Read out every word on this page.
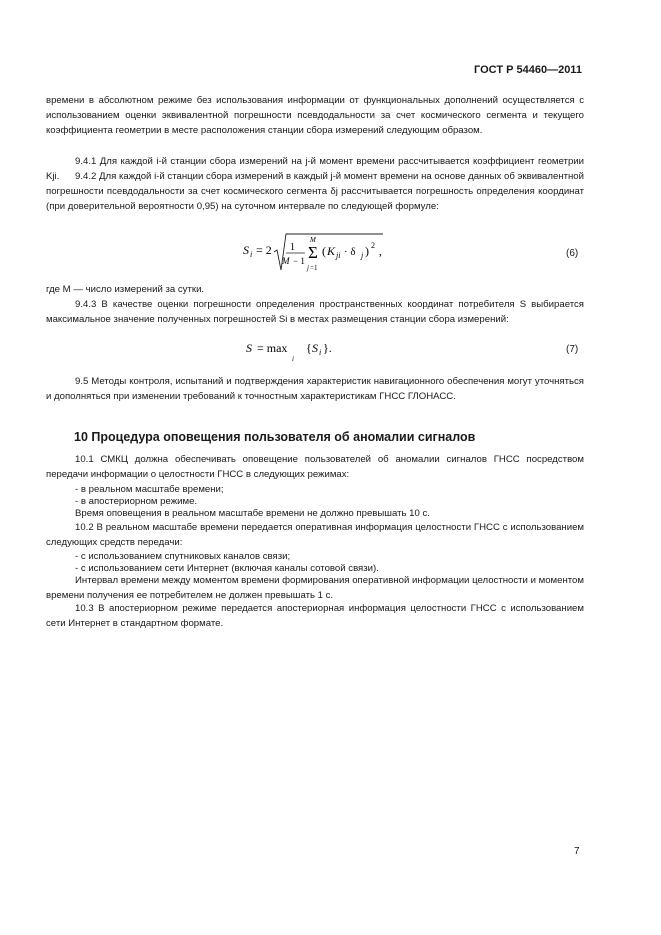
ГОСТ Р 54460—2011
времени в абсолютном режиме без использования информации от функциональных дополнений осуществляется с использованием оценки эквивалентной погрешности псевдодальности за счет космического сегмента и текущего коэффициента геометрии в месте расположения станции сбора измерений следующим образом.
9.4.1 Для каждой i-й станции сбора измерений на j-й момент времени рассчитывается коэффициент геометрии Kji.	9.4.2 Для каждой i-й станции сбора измерений в каждый j-й момент времени на основе данных об эквивалентной погрешности псевдодальности за счет космического сегмента δj рассчитывается погрешность определения координат (при доверительной вероятности 0,95) на суточном интервале по следующей формуле:
S i = 2 1
M − 1
M
Σ
j =1
( K ji · δ j ) 2 ,	(6)
где M — число измерений за сутки.
9.4.3 В качестве оценки погрешности определения пространственных координат потребителя S выбирается максимальное значение полученных погрешностей Si в местах размещения станции сбора измерений:
S = max
i
{ S i }.	(7)
9.5 Методы контроля, испытаний и подтверждения характеристик навигационного обеспечения могут уточняться и дополняться при изменении требований к точностным характеристикам ГНСС ГЛОНАСС.
10 Процедура оповещения пользователя об аномалии сигналов
10.1 СМКЦ должна обеспечивать оповещение пользователей об аномалии сигналов ГНСС посредством передачи информации о целостности ГНСС в следующих режимах:
- в реальном масштабе времени;
- в апостериорном режиме.
Время оповещения в реальном масштабе времени не должно превышать 10 с.
10.2 В реальном масштабе времени передается оперативная информация целостности ГНСС с использованием следующих средств передачи:
- с использованием спутниковых каналов связи;
- с использованием сети Интернет (включая каналы сотовой связи).
Интервал времени между моментом времени формирования оперативной информации целостности и моментом времени получения ее потребителем не должен превышать 1 с.
10.3 В апостериорном режиме передается апостериорная информация целостности ГНСС с использованием сети Интернет в стандартном формате.
7
